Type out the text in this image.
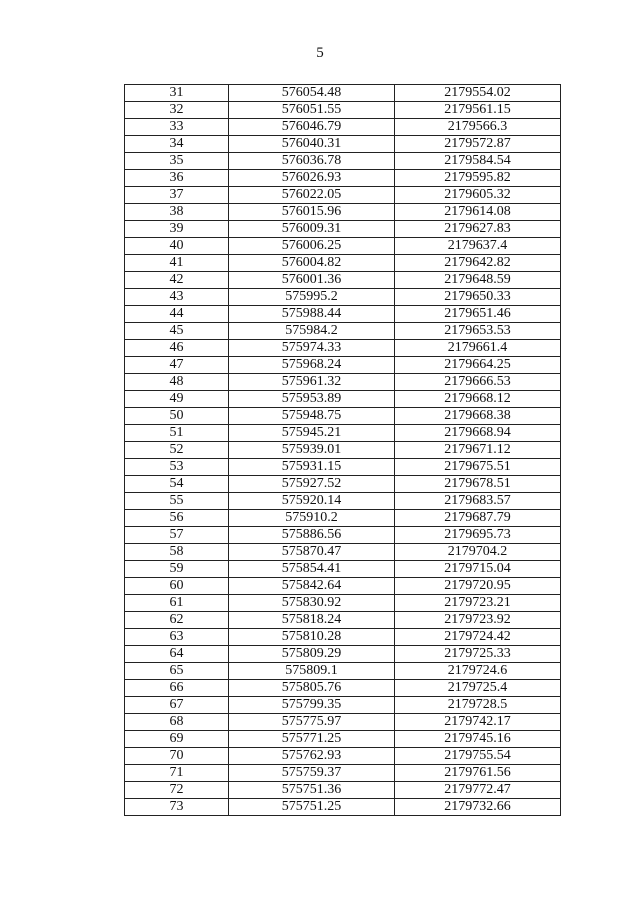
5
31	576054.48	2179554.02
32	576051.55	2179561.15
33	576046.79	2179566.3
34	576040.31	2179572.87
35	576036.78	2179584.54
36	576026.93	2179595.82
37	576022.05	2179605.32
38	576015.96	2179614.08
39	576009.31	2179627.83
40	576006.25	2179637.4
41	576004.82	2179642.82
42	576001.36	2179648.59
43	575995.2	2179650.33
44	575988.44	2179651.46
45	575984.2	2179653.53
46	575974.33	2179661.4
47	575968.24	2179664.25
48	575961.32	2179666.53
49	575953.89	2179668.12
50	575948.75	2179668.38
51	575945.21	2179668.94
52	575939.01	2179671.12
53	575931.15	2179675.51
54	575927.52	2179678.51
55	575920.14	2179683.57
56	575910.2	2179687.79
57	575886.56	2179695.73
58	575870.47	2179704.2
59	575854.41	2179715.04
60	575842.64	2179720.95
61	575830.92	2179723.21
62	575818.24	2179723.92
63	575810.28	2179724.42
64	575809.29	2179725.33
65	575809.1	2179724.6
66	575805.76	2179725.4
67	575799.35	2179728.5
68	575775.97	2179742.17
69	575771.25	2179745.16
70	575762.93	2179755.54
71	575759.37	2179761.56
72	575751.36	2179772.47
73	575751.25	2179732.66
